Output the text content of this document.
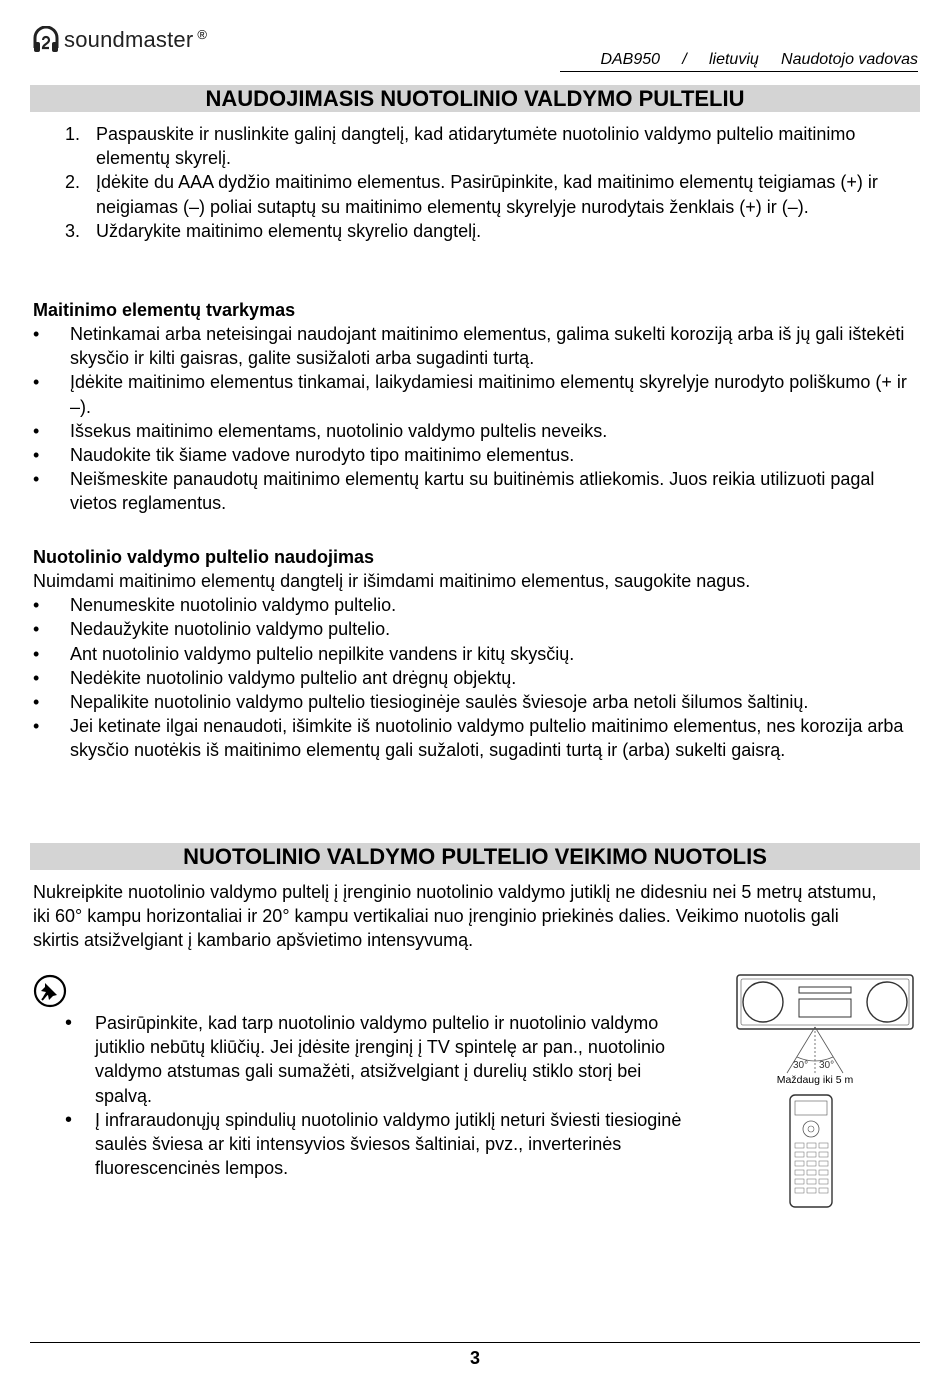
soundmaster ®
DAB950 / lietuvių Naudotojo vadovas
NAUDOJIMASIS NUOTOLINIO VALDYMO PULTELIU
1. Paspauskite ir nuslinkite galinį dangtelį, kad atidarytumėte nuotolinio valdymo pultelio maitinimo elementų skyrelį.
2. Įdėkite du AAA dydžio maitinimo elementus. Pasirūpinkite, kad maitinimo elementų teigiamas (+) ir neigiamas (–) poliai sutaptų su maitinimo elementų skyrelyje nurodytais ženklais (+) ir (–).
3. Uždarykite maitinimo elementų skyrelio dangtelį.
Maitinimo elementų tvarkymas
• Netinkamai arba neteisingai naudojant maitinimo elementus, galima sukelti koroziją arba iš jų gali ištekėti skysčio ir kilti gaisras, galite susižaloti arba sugadinti turtą.
• Įdėkite maitinimo elementus tinkamai, laikydamiesi maitinimo elementų skyrelyje nurodyto poliškumo (+ ir –).
• Išsekus maitinimo elementams, nuotolinio valdymo pultelis neveiks.
• Naudokite tik šiame vadove nurodyto tipo maitinimo elementus.
• Neišmeskite panaudotų maitinimo elementų kartu su buitinėmis atliekomis. Juos reikia utilizuoti pagal vietos reglamentus.
Nuotolinio valdymo pultelio naudojimas
Nuimdami maitinimo elementų dangtelį ir išimdami maitinimo elementus, saugokite nagus.
• Nenumeskite nuotolinio valdymo pultelio.
• Nedaužykite nuotolinio valdymo pultelio.
• Ant nuotolinio valdymo pultelio nepilkite vandens ir kitų skysčių.
• Nedėkite nuotolinio valdymo pultelio ant drėgnų objektų.
• Nepalikite nuotolinio valdymo pultelio tiesioginėje saulės šviesoje arba netoli šilumos šaltinių.
• Jei ketinate ilgai nenaudoti, išimkite iš nuotolinio valdymo pultelio maitinimo elementus, nes korozija arba skysčio nuotėkis iš maitinimo elementų gali sužaloti, sugadinti turtą ir (arba) sukelti gaisrą.
NUOTOLINIO VALDYMO PULTELIO VEIKIMO NUOTOLIS
Nukreipkite nuotolinio valdymo pultelį į įrenginio nuotolinio valdymo jutiklį ne didesniu nei 5 metrų atstumu, iki 60° kampu horizontaliai ir 20° kampu vertikaliai nuo įrenginio priekinės dalies. Veikimo nuotolis gali skirtis atsižvelgiant į kambario apšvietimo intensyvumą.
• Pasirūpinkite, kad tarp nuotolinio valdymo pultelio ir nuotolinio valdymo jutiklio nebūtų kliūčių. Jei įdėsite įrenginį į TV spintelę ar pan., nuotolinio valdymo atstumas gali sumažėti, atsižvelgiant į durelių stiklo storį bei spalvą.
• Į infraraudonųjų spindulių nuotolinio valdymo jutiklį neturi šviesti tiesioginė saulės šviesa ar kiti intensyvios šviesos šaltiniai, pvz., inverterinės fluorescencinės lempos.
30° 30°
Maždaug iki 5 m
3
